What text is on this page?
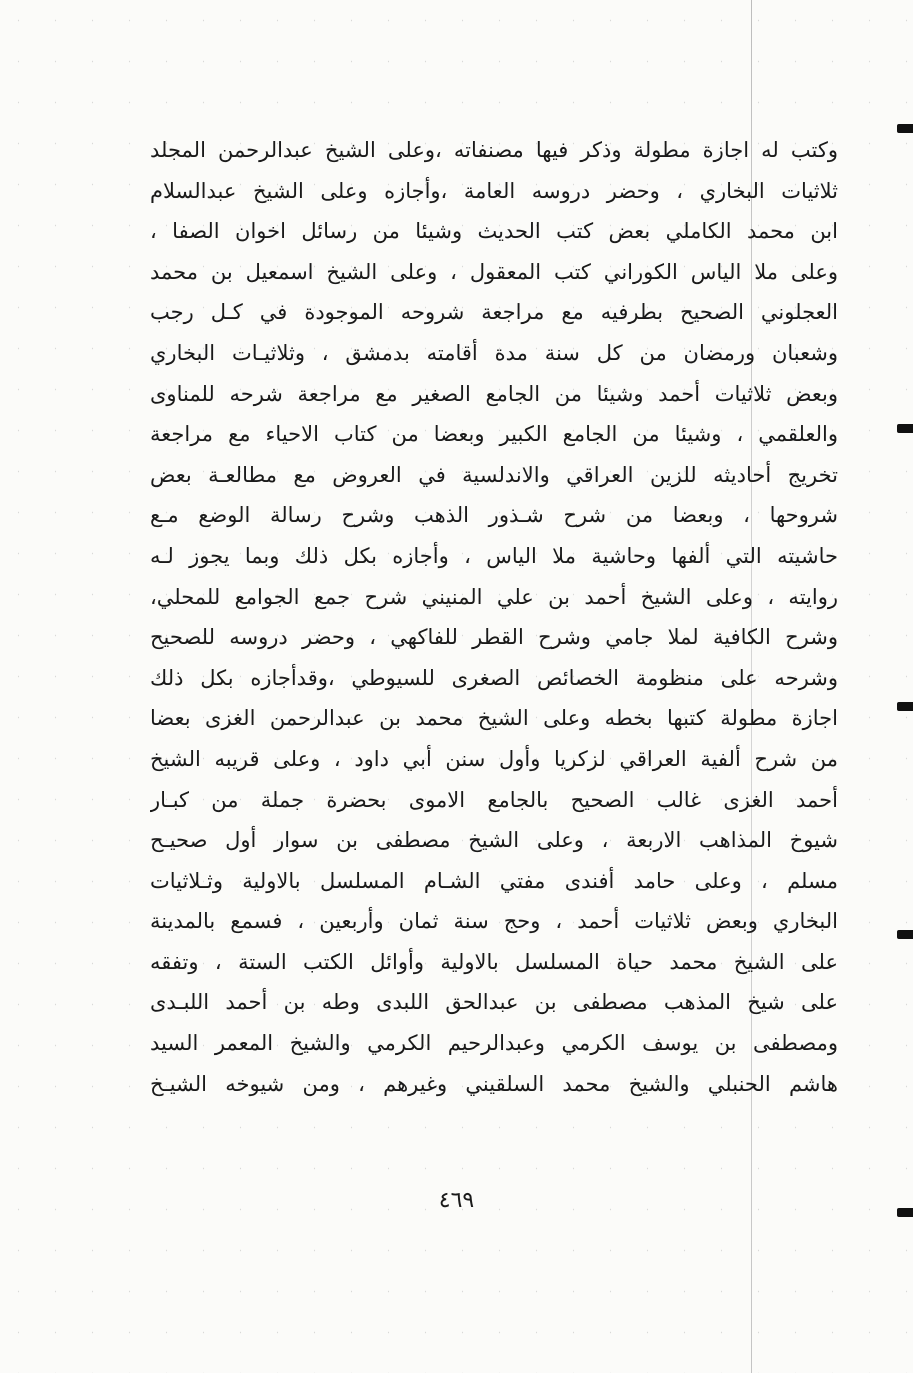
وكتب له اجازة مطولة وذكر فيها مصنفاته ،وعلى الشيخ عبدالرحمن المجلد
ثلاثيات البخاري ، وحضر دروسه العامة ،وأجازه وعلى الشيخ عبدالسلام
ابن محمد الكاملي بعض كتب الحديث وشيئا من رسائل اخوان الصفا ،
وعلى ملا الياس الكوراني كتب المعقول ، وعلى الشيخ اسمعيل بن محمد
العجلوني الصحيح بطرفيه مع مراجعة شروحه الموجودة في كـل رجب
وشعبان ورمضان من كل سنة مدة أقامته بدمشق ، وثلاثيـات البخاري
وبعض ثلاثيات أحمد وشيئا من الجامع الصغير مع مراجعة شرحه للمناوى
والعلقمي ، وشيئا من الجامع الكبير وبعضا من كتاب الاحياء مع مراجعة
تخريج أحاديثه للزين العراقي والاندلسية في العروض مع مطالعـة بعض
شروحها ، وبعضا من شرح شـذور الذهب وشرح رسالة الوضع مـع
حاشيته التي ألفها وحاشية ملا الياس ، وأجازه بكل ذلك وبما يجوز لـه
روايته ، وعلى الشيخ أحمد بن علي المنيني شرح جمع الجوامع للمحلي،
وشرح الكافية لملا جامي وشرح القطر للفاكهي ، وحضر دروسه للصحيح
وشرحه على منظومة الخصائص الصغرى للسيوطي ،وقدأجازه بكل ذلك
اجازة مطولة كتبها بخطه وعلى الشيخ محمد بن عبدالرحمن الغزى بعضا
من شرح ألفية العراقي لزكريا وأول سنن أبي داود ، وعلى قريبه الشيخ
أحمد الغزى غالب الصحيح بالجامع الاموى بحضرة جملة من كبـار
شيوخ المذاهب الاربعة ، وعلى الشيخ مصطفى بن سوار أول صحيـح
مسلم ، وعلى حامد أفندى مفتي الشـام المسلسل بالاولية وثـلاثيات
البخاري وبعض ثلاثيات أحمد ، وحج سنة ثمان وأربعين ، فسمع بالمدينة
على الشيخ محمد حياة المسلسل بالاولية وأوائل الكتب الستة ، وتفقه
على شيخ المذهب مصطفى بن عبدالحق اللبدى وطه بن أحمد اللبـدى
ومصطفى بن يوسف الكرمي وعبدالرحيم الكرمي والشيخ المعمر السيد
هاشم الحنبلي والشيخ محمد السلقيني وغيرهم ، ومن شيوخه الشيـخ
٤٦٩
